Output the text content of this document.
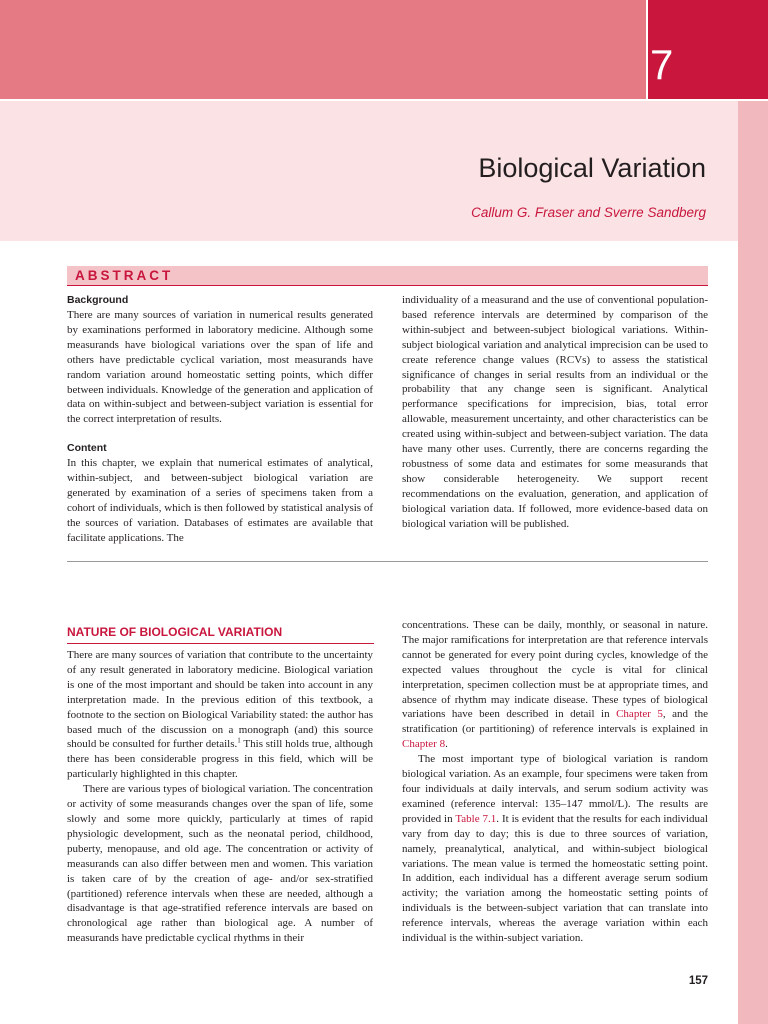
7
Biological Variation
Callum G. Fraser and Sverre Sandberg
ABSTRACT

Background

There are many sources of variation in numerical results generated by examinations performed in laboratory medicine. Although some measurands have biological variations over the span of life and others have predictable cyclical variation, most measurands have random variation around homeostatic setting points, which differ between individuals. Knowledge of the generation and application of data on within-subject and between-subject variation is essential for the correct interpretation of results.

Content

In this chapter, we explain that numerical estimates of analytical, within-subject, and between-subject biological variation are generated by examination of a series of specimens taken from a cohort of individuals, which is then followed by statistical analysis of the sources of variation. Databases of estimates are available that facilitate applications. The

individuality of a measurand and the use of conventional population-based reference intervals are determined by comparison of the within-subject and between-subject biological variations. Within-subject biological variation and analytical imprecision can be used to create reference change values (RCVs) to assess the statistical significance of changes in serial results from an individual or the probability that any change seen is significant. Analytical performance specifications for imprecision, bias, total error allowable, measurement uncertainty, and other characteristics can be created using within-subject and between-subject variation. The data have many other uses. Currently, there are concerns regarding the robustness of some data and estimates for some measurands that show considerable heterogeneity. We support recent recommendations on the evaluation, generation, and application of biological variation data. If followed, more evidence-based data on biological variation will be published.

NATURE OF BIOLOGICAL VARIATION

There are many sources of variation that contribute to the uncertainty of any result generated in laboratory medicine. Biological variation is one of the most important and should be taken into account in any interpretation made. In the previous edition of this textbook, a footnote to the section on Biological Variability stated: the author has based much of the discussion on a monograph (and) this source should be consulted for further details.$^1$ This still holds true, although there has been considerable progress in this field, which will be particularly highlighted in this chapter.

There are various types of biological variation. The concentration or activity of some measurands changes over the span of life, some slowly and some more quickly, particularly at times of rapid physiologic development, such as the neonatal period, childhood, puberty, menopause, and old age. The concentration or activity of measurands can also differ between men and women. This variation is taken care of by the creation of age- and/or sex-stratified (partitioned) reference intervals when these are needed, although a disadvantage is that age-stratified reference intervals are based on chronological age rather than biological age. A number of measurands have predictable cyclical rhythms in their

concentrations. These can be daily, monthly, or seasonal in nature. The major ramifications for interpretation are that reference intervals cannot be generated for every point during cycles, knowledge of the expected values throughout the cycle is vital for clinical interpretation, specimen collection must be at appropriate times, and absence of rhythm may indicate disease. These types of biological variations have been described in detail in Chapter 5, and the stratification (or partitioning) of reference intervals is explained in Chapter 8.

The most important type of biological variation is random biological variation. As an example, four specimens were taken from four individuals at daily intervals, and serum sodium activity was examined (reference interval: 135–147 mmol/L). The results are provided in Table 7.1. It is evident that the results for each individual vary from day to day; this is due to three sources of variation, namely, preanalytical, analytical, and within-subject biological variations. The mean value is termed the homeostatic setting point. In addition, each individual has a different average serum sodium activity; the variation among the homeostatic setting points of individuals is the between-subject variation that can translate into reference intervals, whereas the average variation within each individual is the within-subject variation.

157
